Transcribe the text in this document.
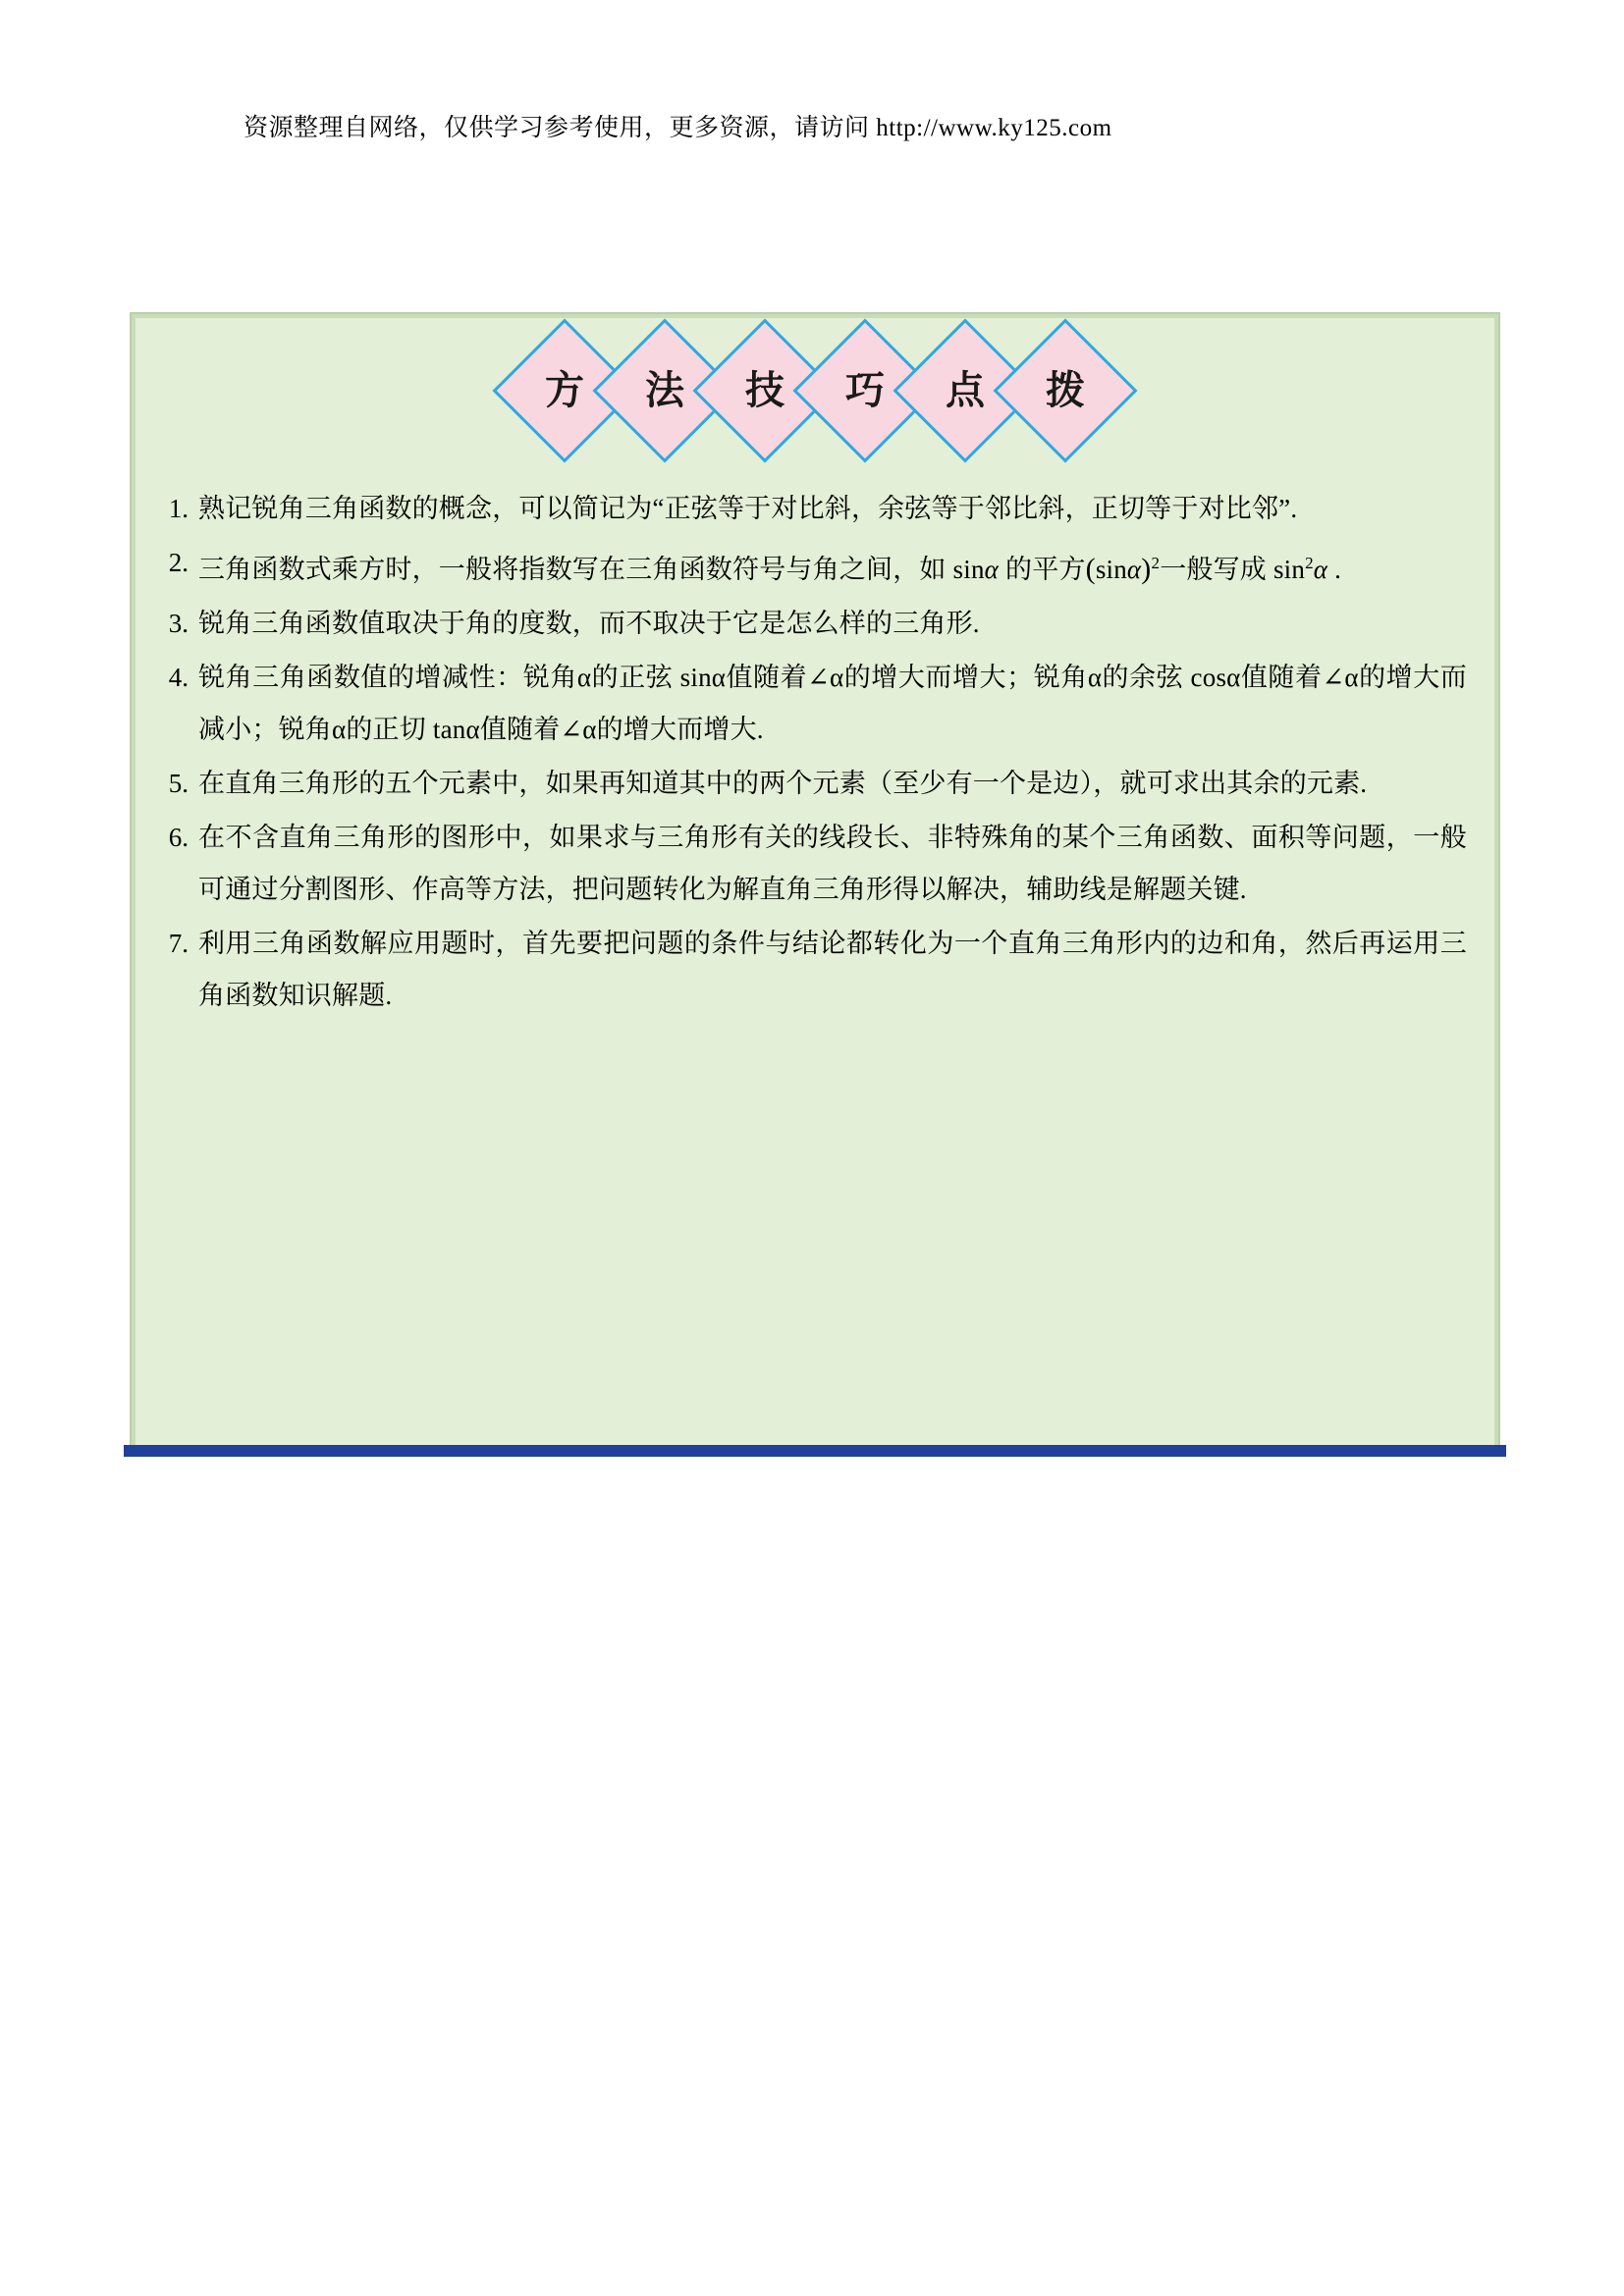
资源整理自网络，仅供学习参考使用，更多资源，请访问 http://www.ky125.com
方 法 技 巧 点 拨
1. 熟记锐角三角函数的概念，可以简记为“正弦等于对比斜，余弦等于邻比斜，正切等于对比邻”.
2. 三角函数式乘方时，一般将指数写在三角函数符号与角之间，如 sinα 的平方$(\sin\alpha)^2$一般写成 $\sin^2\alpha$ .
3. 锐角三角函数值取决于角的度数，而不取决于它是怎么样的三角形.
4. 锐角三角函数值的增减性：锐角α的正弦 sinα值随着∠α的增大而增大；锐角α的余弦 cosα值随着∠α的增大而减小；锐角α的正切 tanα值随着∠α的增大而增大.
5. 在直角三角形的五个元素中，如果再知道其中的两个元素（至少有一个是边），就可求出其余的元素.
6. 在不含直角三角形的图形中，如果求与三角形有关的线段长、非特殊角的某个三角函数、面积等问题，一般可通过分割图形、作高等方法，把问题转化为解直角三角形得以解决，辅助线是解题关键.
7. 利用三角函数解应用题时，首先要把问题的条件与结论都转化为一个直角三角形内的边和角，然后再运用三角函数知识解题.
